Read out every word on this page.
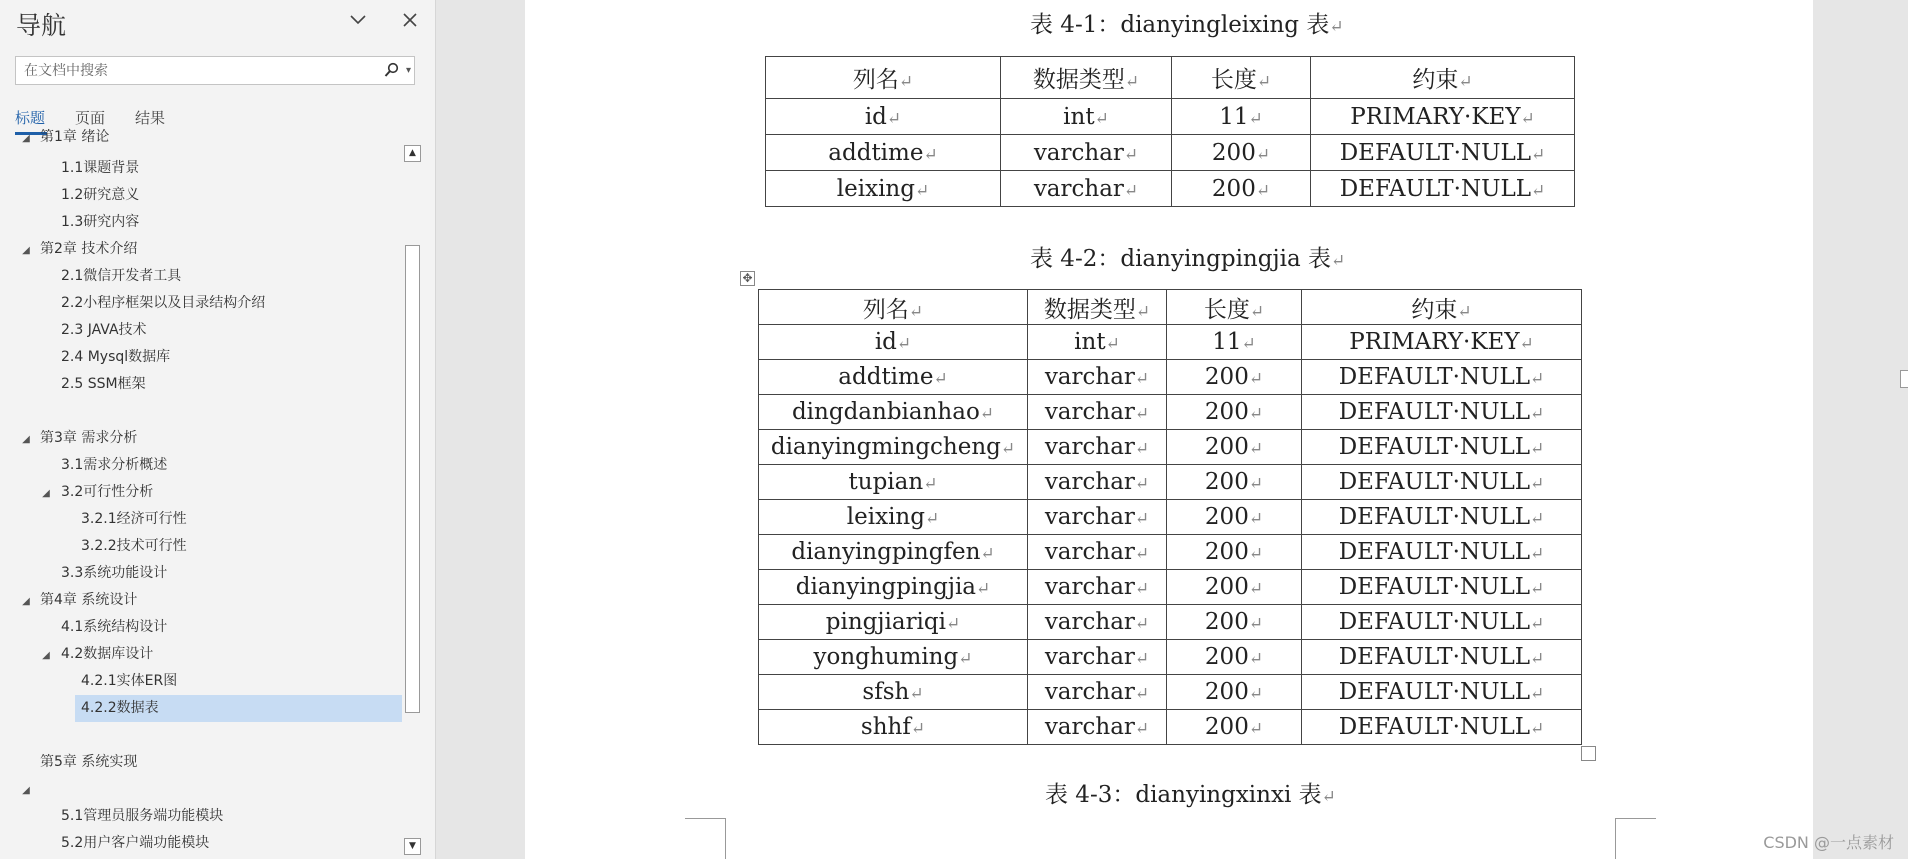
导航
在文档中搜索
▾
标题 页面 结果
◢ 第1章 绪论
1.1课题背景
1.2研究意义
1.3研究内容
◢ 第2章 技术介绍
2.1微信开发者工具
2.2小程序框架以及目录结构介绍
2.3 JAVA技术
2.4 Mysql数据库
2.5 SSM框架
◢ 第3章 需求分析
3.1需求分析概述
◢ 3.2可行性分析
3.2.1经济可行性
3.2.2技术可行性
3.3系统功能设计
◢ 第4章 系统设计
4.1系统结构设计
◢ 4.2数据库设计
4.2.1实体ER图
4.2.2数据表
第5章 系统实现
5.1管理员服务端功能模块
5.2用户客户端功能模块
◢
▲
▼
表 4-1：dianyingleixing 表↵
表 4-2：dianyingpingjia 表↵
表 4-3：dianyingxinxi 表↵
列名↵	数据类型↵	长度↵	约束↵
id↵	int↵	11↵	PRIMARY·KEY↵
addtime↵	varchar↵	200↵	DEFAULT·NULL↵
leixing↵	varchar↵	200↵	DEFAULT·NULL↵
列名↵	数据类型↵	长度↵	约束↵
id↵	int↵	11↵	PRIMARY·KEY↵
addtime↵	varchar↵	200↵	DEFAULT·NULL↵
dingdanbianhao↵	varchar↵	200↵	DEFAULT·NULL↵
dianyingmingcheng↵	varchar↵	200↵	DEFAULT·NULL↵
tupian↵	varchar↵	200↵	DEFAULT·NULL↵
leixing↵	varchar↵	200↵	DEFAULT·NULL↵
dianyingpingfen↵	varchar↵	200↵	DEFAULT·NULL↵
dianyingpingjia↵	varchar↵	200↵	DEFAULT·NULL↵
pingjiariqi↵	varchar↵	200↵	DEFAULT·NULL↵
yonghuming↵	varchar↵	200↵	DEFAULT·NULL↵
sfsh↵	varchar↵	200↵	DEFAULT·NULL↵
shhf↵	varchar↵	200↵	DEFAULT·NULL↵
✥
CSDN @一点素材
